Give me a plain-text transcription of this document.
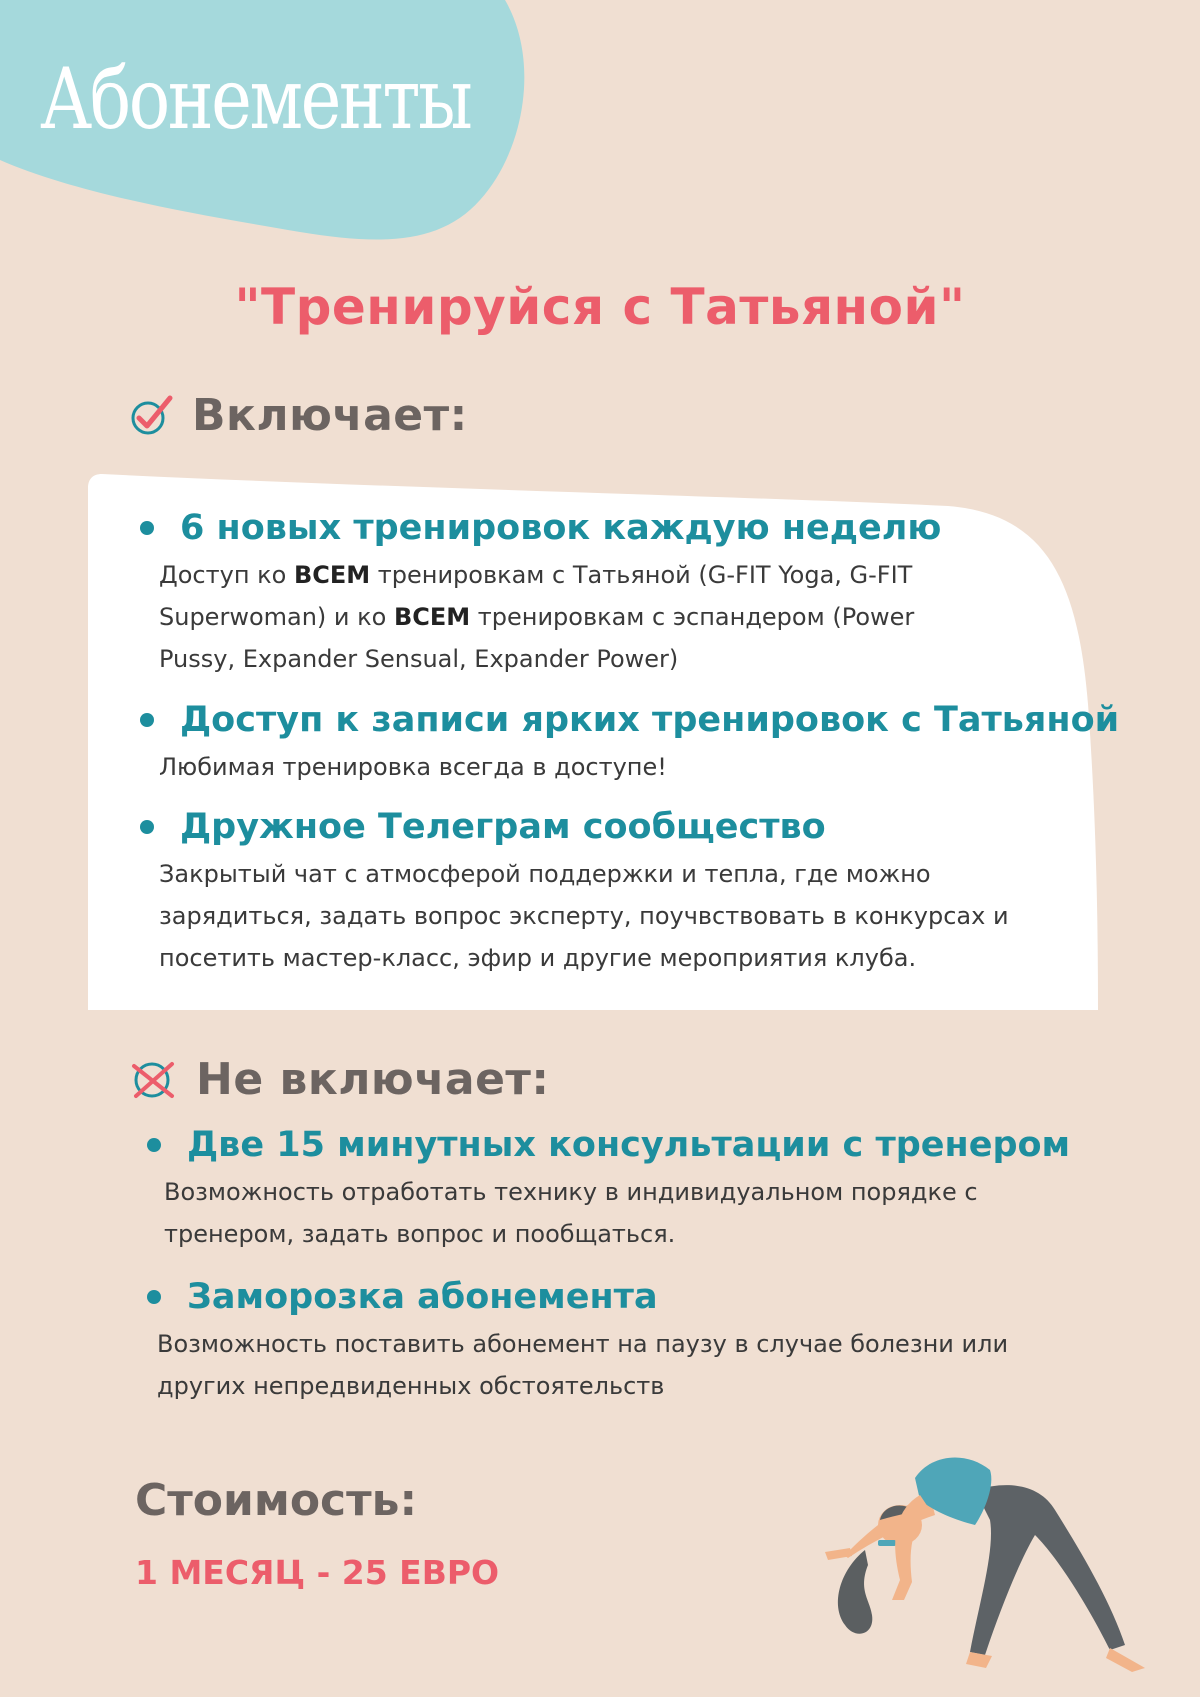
Абонементы
"Тренируйся с Татьяной"
Включает:

6 новых тренировок каждую неделю

Доступ ко ВСЕМ тренировкам с Татьяной (G-FIT Yoga, G-FIT Superwoman) и ко ВСЕМ тренировкам с эспандером (Power Pussy, Expander Sensual, Expander Power)

Доступ к записи ярких тренировок с Татьяной

Любимая тренировка всегда в доступе!

Дружное Телеграм сообщество

Закрытый чат с атмосферой поддержки и тепла, где можно зарядиться, задать вопрос эксперту, поучвствовать в конкурсах и посетить мастер-класс, эфир и другие мероприятия клуба.

Не включает:

Две 15 минутных консультации с тренером

Возможность отработать технику в индивидуальном порядке с тренером, задать вопрос и пообщаться.

Заморозка абонемента

Возможность поставить абонемент на паузу в случае болезни или других непредвиденных обстоятельств

Стоимость:

1 МЕСЯЦ - 25 ЕВРО
